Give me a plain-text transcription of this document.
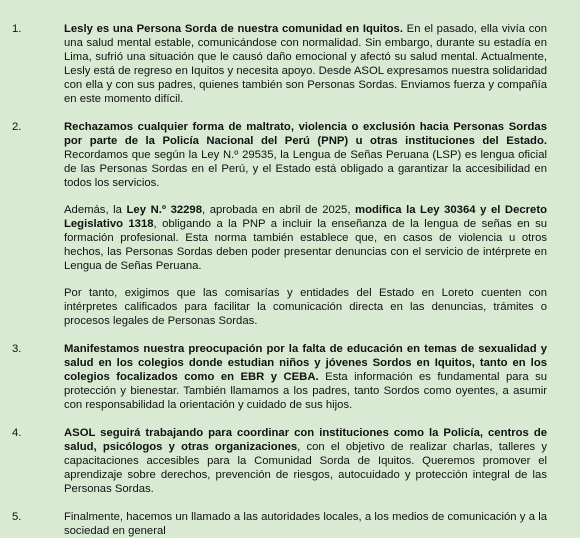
1.	Lesly es una Persona Sorda de nuestra comunidad en Iquitos. En el pasado, ella vivía con una salud mental estable, comunicándose con normalidad. Sin embargo, durante su estadía en Lima, sufrió una situación que le causó daño emocional y afectó su salud mental. Actualmente, Lesly está de regreso en Iquitos y necesita apoyo. Desde ASOL expresamos nuestra solidaridad con ella y con sus padres, quienes también son Personas Sordas. Enviamos fuerza y compañía en este momento difícil.

2.	Rechazamos cualquier forma de maltrato, violencia o exclusión hacia Personas Sordas por parte de la Policía Nacional del Perú (PNP) u otras instituciones del Estado. Recordamos que según la Ley N.º 29535, la Lengua de Señas Peruana (LSP) es lengua oficial de las Personas Sordas en el Perú, y el Estado está obligado a garantizar la accesibilidad en todos los servicios.

Además, la Ley N.º 32298, aprobada en abril de 2025, modifica la Ley 30364 y el Decreto Legislativo 1318, obligando a la PNP a incluir la enseñanza de la lengua de señas en su formación profesional. Esta norma también establece que, en casos de violencia u otros hechos, las Personas Sordas deben poder presentar denuncias con el servicio de intérprete en Lengua de Señas Peruana.

Por tanto, exigimos que las comisarías y entidades del Estado en Loreto cuenten con intérpretes calificados para facilitar la comunicación directa en las denuncias, trámites o procesos legales de Personas Sordas.

3.	Manifestamos nuestra preocupación por la falta de educación en temas de sexualidad y salud en los colegios donde estudian niños y jóvenes Sordos en Iquitos, tanto en los colegios focalizados como en EBR y CEBA. Esta información es fundamental para su protección y bienestar. También llamamos a los padres, tanto Sordos como oyentes, a asumir con responsabilidad la orientación y cuidado de sus hijos.

4.	ASOL seguirá trabajando para coordinar con instituciones como la Policía, centros de salud, psicólogos y otras organizaciones, con el objetivo de realizar charlas, talleres y capacitaciones accesibles para la Comunidad Sorda de Iquitos. Queremos promover el aprendizaje sobre derechos, prevención de riesgos, autocuidado y protección integral de las Personas Sordas.

5.	Finalmente, hacemos un llamado a las autoridades locales, a los medios de comunicación y a la sociedad en general
